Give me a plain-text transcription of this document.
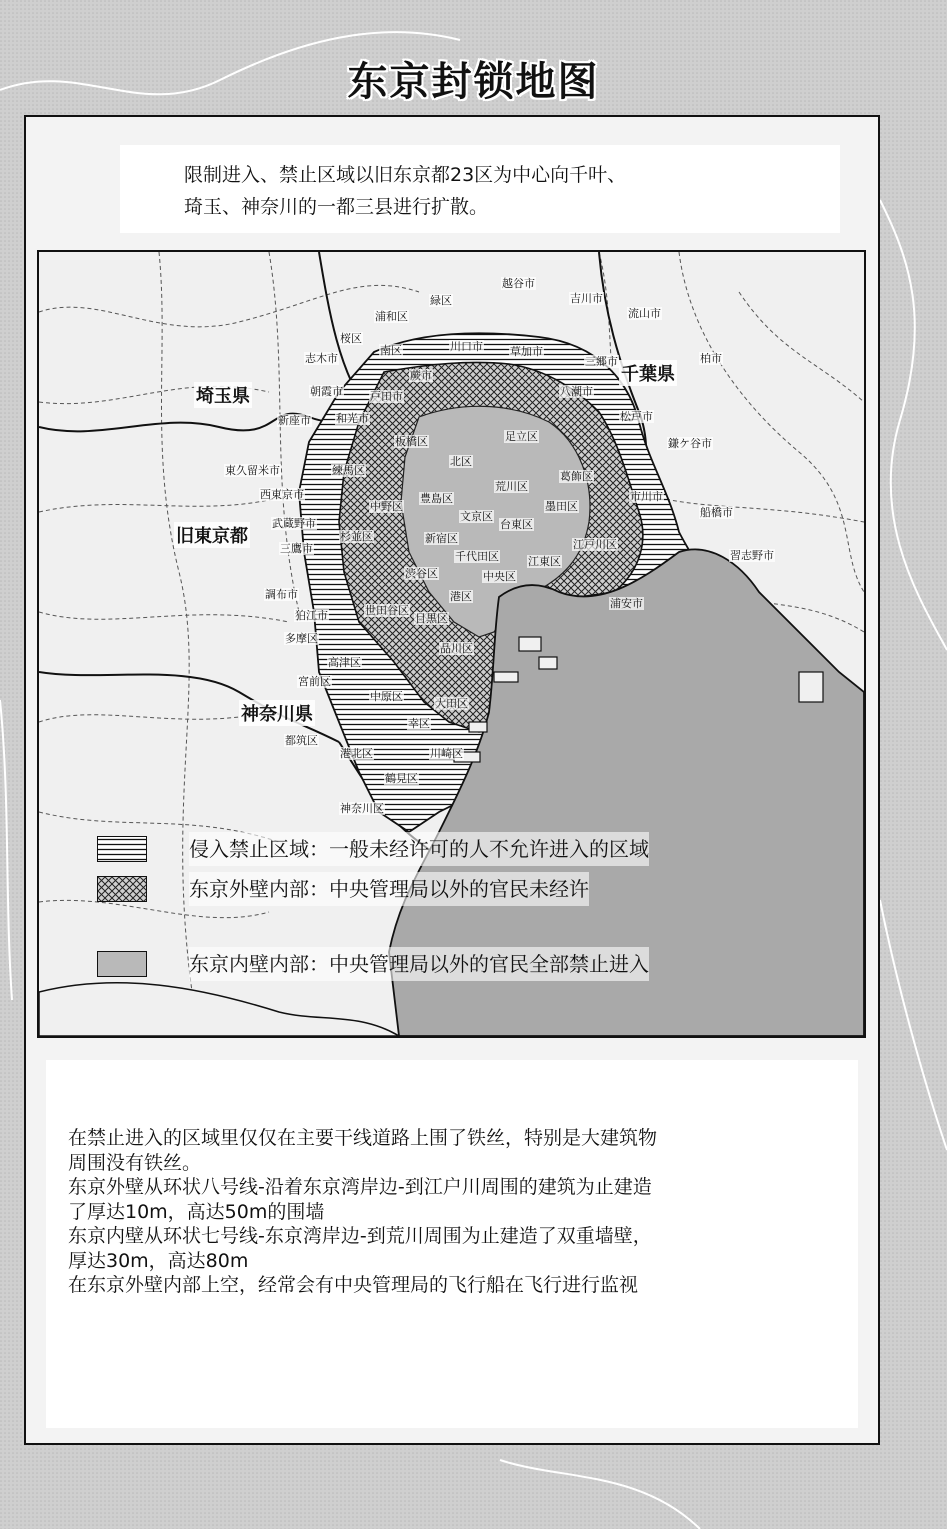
东京封锁地图
限制进入、禁止区域以旧东京都23区为中心向千叶、
琦玉、神奈川的一都三县进行扩散。
埼玉県
千葉県
旧東京都
神奈川県
越谷市
吉川市
流山市
柏市
緑区
浦和区
桜区
南区	川口市 草加市
三郷市
八潮市
蕨市
志木市
朝霞市 戸田市
和光市
新座市	松戸市
鎌ケ谷市
足立区
板橋区
北区
練馬区	葛飾区
荒川区
豊島区
文京区
台東区
墨田区
東久留米市
西東京市
中野区
杉並区	新宿区
千代田区
江戸川区
江東区
市川市
船橋市
習志野市
武蔵野市
三鷹市
渋谷区	中央区
港区
浦安市
調布市
狛江市	世田谷区
目黒区
品川区
多摩区
高津区
宮前区
中原区
大田区
幸区
都筑区
港北区	川崎区
鶴見区
神奈川区
侵入禁止区域：一般未经许可的人不允许进入的区域
东京外壁内部：中央管理局以外的官民未经许
东京内壁内部：中央管理局以外的官民全部禁止进入
在禁止进入的区域里仅仅在主要干线道路上围了铁丝，特别是大建筑物
周围没有铁丝。
东京外壁从环状八号线-沿着东京湾岸边-到江户川周围的建筑为止建造
了厚达10m，高达50m的围墙
东京内壁从环状七号线-东京湾岸边-到荒川周围为止建造了双重墙壁，
厚达30m，高达80m
在东京外壁内部上空，经常会有中央管理局的飞行船在飞行进行监视
